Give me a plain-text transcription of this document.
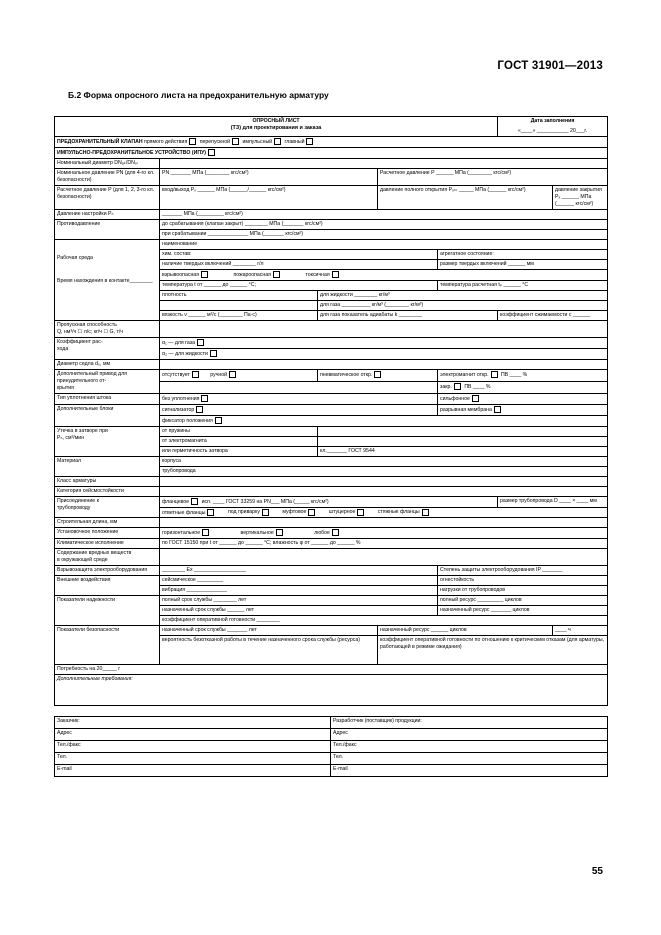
ГОСТ 31901—2013
Б.2 Форма опросного листа на предохранительную арматуру
55
ОПРОСНЫЙ ЛИСТ
(ТЗ) для проектирования и заказа

Дата заполнения
«____» ___________ 20___г.

ПРЕДОХРАНИТЕЛЬНЫЙ КЛАПАН прямого действия перепускной импульсный главный						
ИМПУЛЬСНО-ПРЕДОХРАНИТЕЛЬНОЕ УСТРОЙСТВО (ИПУ)						
Номинальный диаметр DNₐₖ/DNₒₗ						
Номинальное давление PN (для 4-го кл. безопасности)	PN _______ МПа (________ кгс/см²)		Расчетное давление Р ______ МПа (________ кгс/см²)			
Расчетное давление Р (для 1, 2, 3-го кл. безопасности)	вход/выход Рₓ ______ МПа (______/______ кгс/см²)		давление полного открытия Рₒₜₖ _____ МПа (______ кгс/см²)			давление закрытия Рₓ ______ МПа (______ кгс/см²)
Давление настройки Рₙ	_______ МПа (_________ кгс/см²)					
Противодавление	до срабатывания (клапан закрыт) ________ МПа (_______ кгс/см²)					
	при срабатывании ______________ МПа (_______ кгс/см²)					

Рабочая среда
Время нахождения в контакте________	наименование					
	хим. состав:			агрегатное состояние:		
	наличие твердых включений ________ г/л			размер твердых включений ______ мм		
	взрывоопасная пожароопасная токсичная					
	температура t от ______ до ______ °С;			температура расчетная tₚ ______ °С		
	плотность	для жидкости ________ кг/м³				
		для газа __________ кг/м³ (________ кг/м³)				
	вязкость ν ______ м²/с (________ Па·с)	для газа показатель адиабаты k ________			коэффициент сжимаемости с ______	

Пропускная способность
Q, нм³/ч ☐ л/с; кг/ч ☐ G, т/ч						

Коэффициент рас-
хода	α₁ — для газа					
	α₂ — для жидкости					
Диаметр седла d₀, мм						

Дополнительный привод для принудительного от-
крытия	отсутствует ручной	пневматическое откр.		электромагнит откр. ПВ ____ %		
				закр. ПВ ____ %		
Тип уплотнения штока	без уплотнения			сильфонное		
Дополнительные блоки	сигнализатор			разрывная мембрана		
	фиксатор положения					

Утечка в затворе при
Рₙ, см³/мин	от пружины					
	от электромагнита					
	или герметичность затвора	кл._______ ГОСТ 9544				
Материал	корпуса					
	трубопровода					
Класс арматуры						
Категория сейсмостойкости						

Присоединение к
трубопроводу	фланцевое исп. ____ ГОСТ 33259 на PN___ МПа (_____ кгс/см²)				размер трубопровода D ____ × ____ мм	
	ответные фланцы под приварку муфтовое штуцерное стяжные фланцы					
Строительная длина, мм						
Установочное положение	горизонтальное вертикальное любое					
Климатическое исполнение	по ГОСТ 15150 при t от ______ до ______ °С; влажность φ от ______ до ______ %					

Содержание вредных веществ
в окружающей среде						

Взрывозащита электрооборудования	________ Ех __________________			Степень защиты электрооборудования IP _______		
Внешние воздействия	сейсмическое _________			огнестойкость		
	вибрация ______________			нагрузки от трубопроводов		
Показатели надежности	полный срок службы ________ лет			полный ресурс _________ циклов		
	назначенный срок службы ______ лет			назначенный ресурс _______ циклов		
	коэффициент оперативной готовности ________					
Показатели безопасности	назначенный срок службы _______ лет		назначенный ресурс ______ циклов			____ ч
	вероятность безотказной работы в течение назначенного срока службы (ресурса)		коэффициент оперативной готовности по отношению к критическим отказам (для арматуры, работающей в режиме ожидания)			
Потребность на 20_____ г						
Дополнительные требования:						
Заказчик:	Разработчик (поставщик) продукции:
Адрес	Адрес
Тел./факс	Тел./факс
Тел.	Тел.
E-mail	E-mail
